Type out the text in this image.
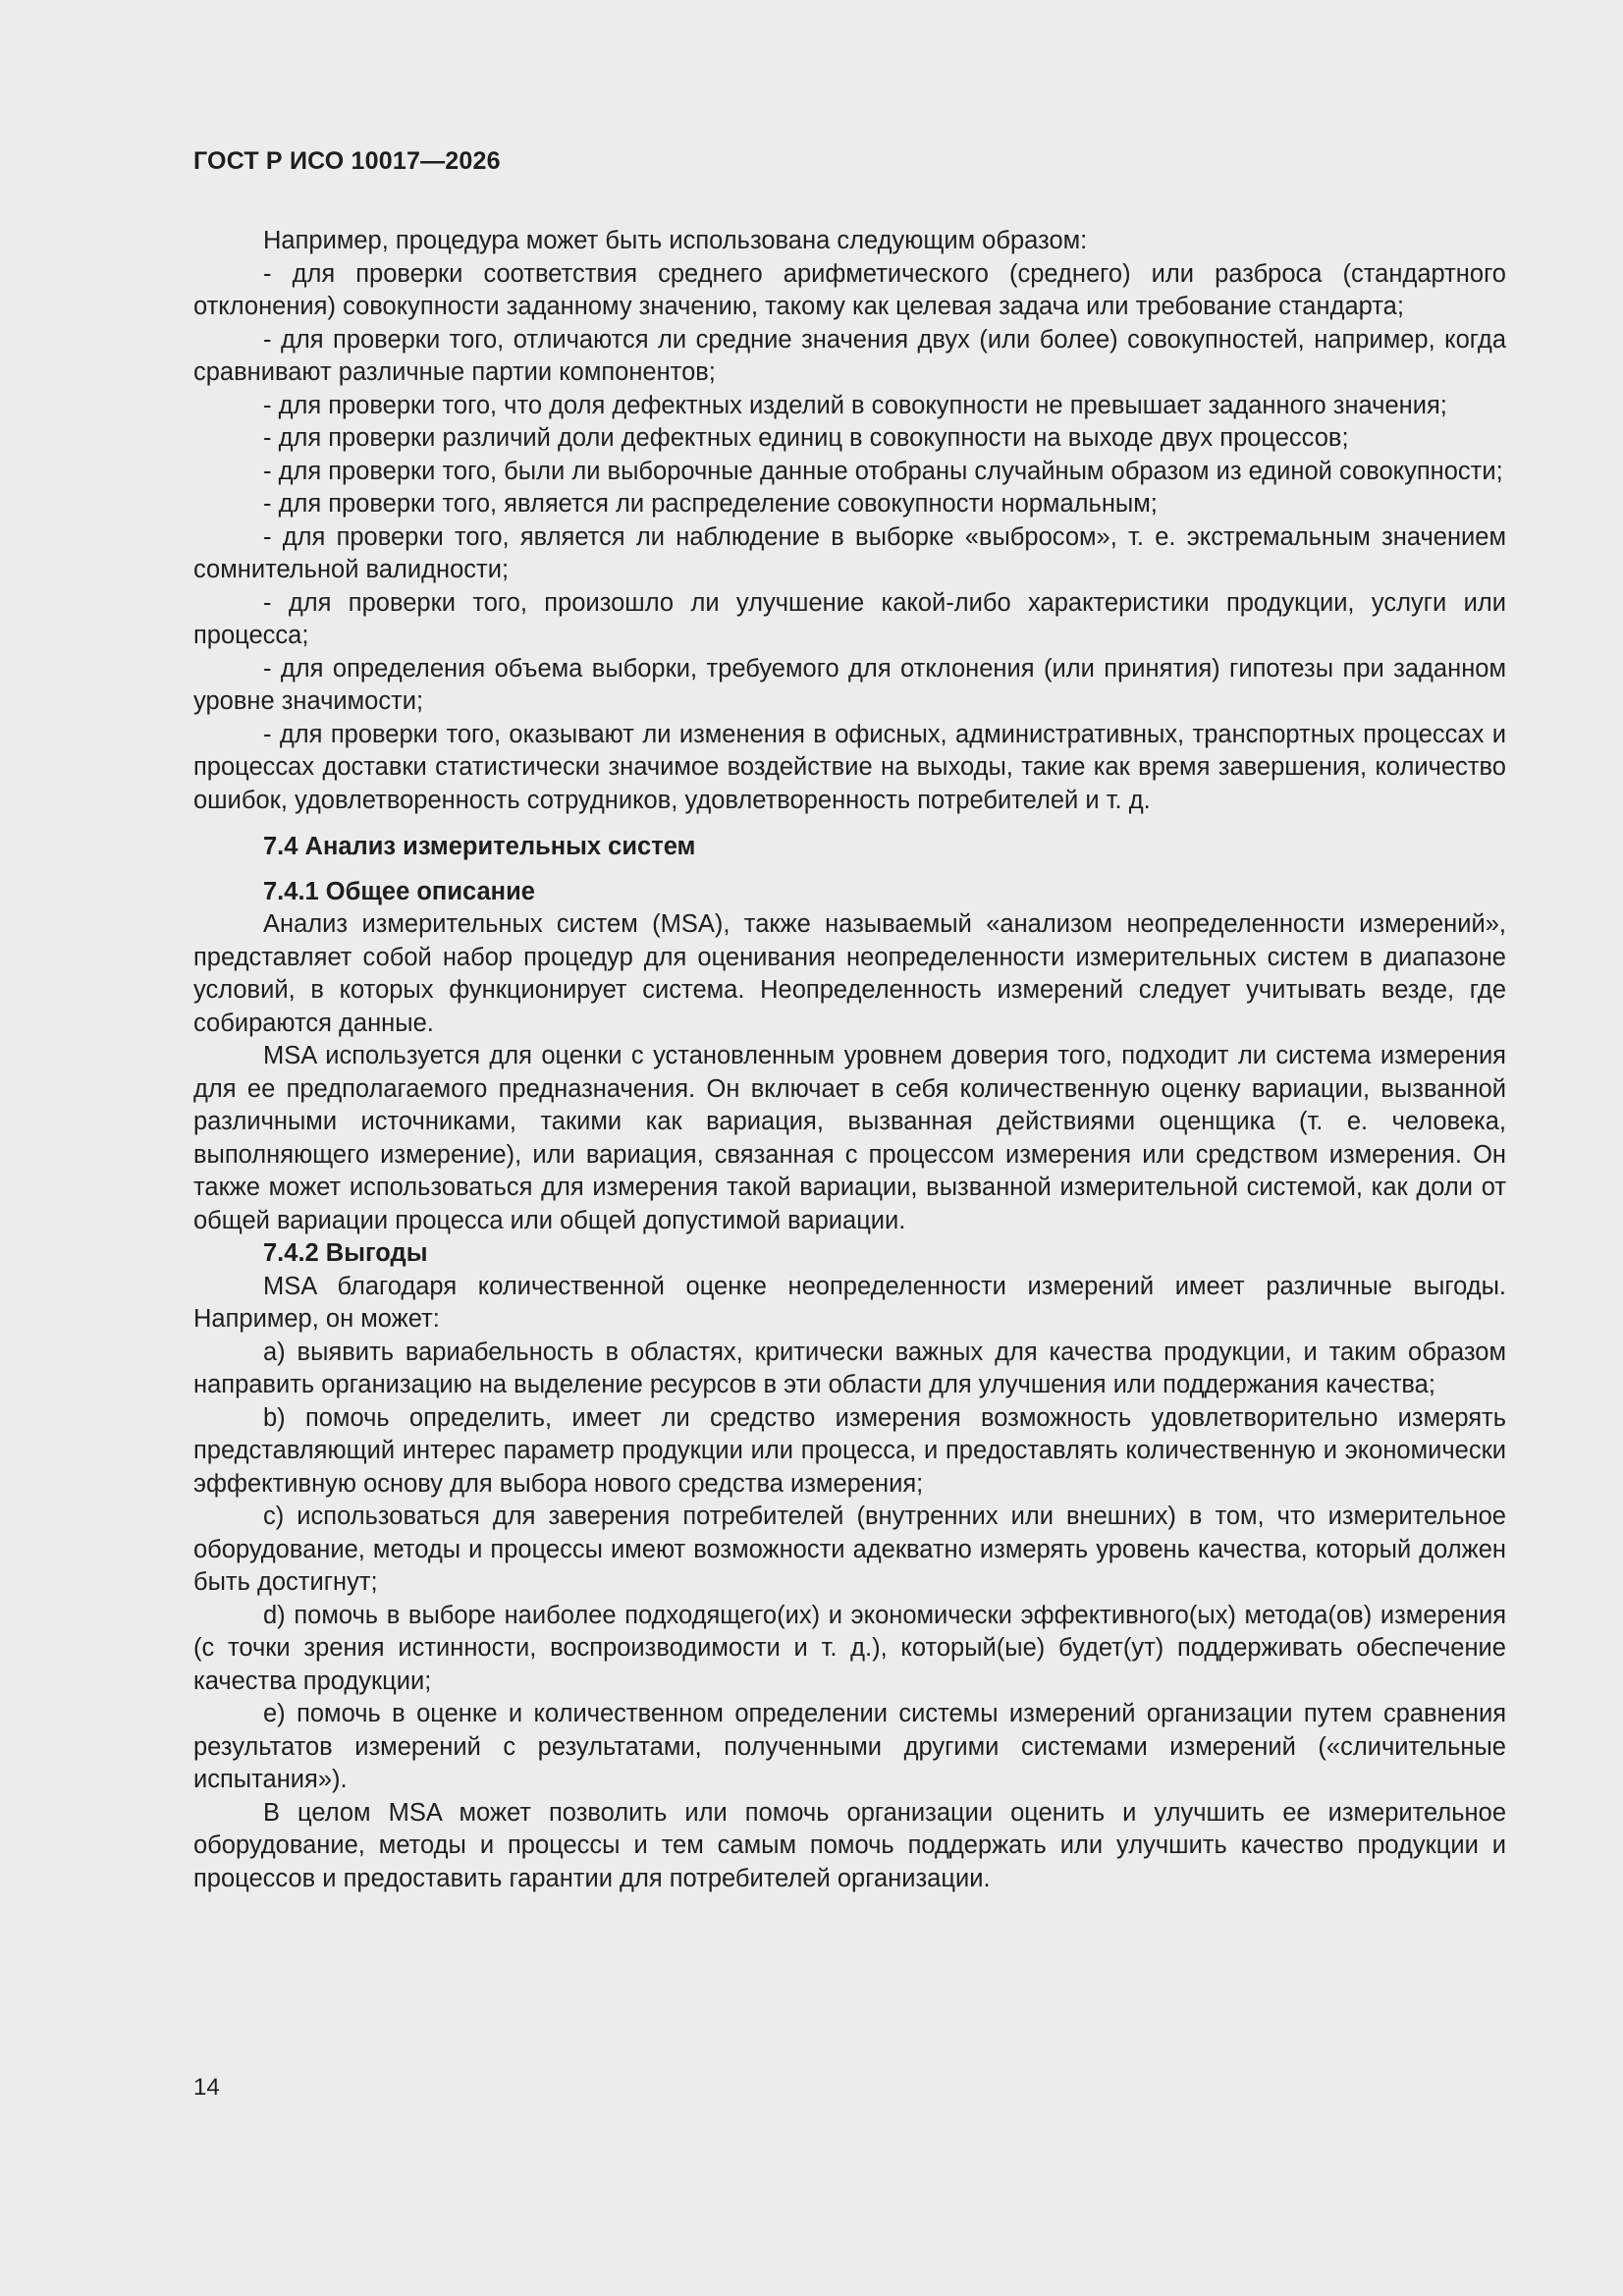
ГОСТ Р ИСО 10017—2026

Например, процедура может быть использована следующим образом:

- для проверки соответствия среднего арифметического (среднего) или разброса (стандартного отклонения) совокупности заданному значению, такому как целевая задача или требование стандарта;

- для проверки того, отличаются ли средние значения двух (или более) совокупностей, например, когда сравнивают различные партии компонентов;

- для проверки того, что доля дефектных изделий в совокупности не превышает заданного значения;

- для проверки различий доли дефектных единиц в совокупности на выходе двух процессов;

- для проверки того, были ли выборочные данные отобраны случайным образом из единой совокупности;

- для проверки того, является ли распределение совокупности нормальным;

- для проверки того, является ли наблюдение в выборке «выбросом», т. е. экстремальным значением сомнительной валидности;

- для проверки того, произошло ли улучшение какой-либо характеристики продукции, услуги или процесса;

- для определения объема выборки, требуемого для отклонения (или принятия) гипотезы при заданном уровне значимости;

- для проверки того, оказывают ли изменения в офисных, административных, транспортных процессах и процессах доставки статистически значимое воздействие на выходы, такие как время завершения, количество ошибок, удовлетворенность сотрудников, удовлетворенность потребителей и т. д.

7.4 Анализ измерительных систем

7.4.1 Общее описание

Анализ измерительных систем (MSA), также называемый «анализом неопределенности измерений», представляет собой набор процедур для оценивания неопределенности измерительных систем в диапазоне условий, в которых функционирует система. Неопределенность измерений следует учитывать везде, где собираются данные.

MSA используется для оценки с установленным уровнем доверия того, подходит ли система измерения для ее предполагаемого предназначения. Он включает в себя количественную оценку вариации, вызванной различными источниками, такими как вариация, вызванная действиями оценщика (т. е. человека, выполняющего измерение), или вариация, связанная с процессом измерения или средством измерения. Он также может использоваться для измерения такой вариации, вызванной измерительной системой, как доли от общей вариации процесса или общей допустимой вариации.

7.4.2 Выгоды

MSA благодаря количественной оценке неопределенности измерений имеет различные выгоды. Например, он может:

a) выявить вариабельность в областях, критически важных для качества продукции, и таким образом направить организацию на выделение ресурсов в эти области для улучшения или поддержания качества;

b) помочь определить, имеет ли средство измерения возможность удовлетворительно измерять представляющий интерес параметр продукции или процесса, и предоставлять количественную и экономически эффективную основу для выбора нового средства измерения;

c) использоваться для заверения потребителей (внутренних или внешних) в том, что измерительное оборудование, методы и процессы имеют возможности адекватно измерять уровень качества, который должен быть достигнут;

d) помочь в выборе наиболее подходящего(их) и экономически эффективного(ых) метода(ов) измерения (с точки зрения истинности, воспроизводимости и т. д.), который(ые) будет(ут) поддерживать обеспечение качества продукции;

e) помочь в оценке и количественном определении системы измерений организации путем сравнения результатов измерений с результатами, полученными другими системами измерений («сличительные испытания»).

В целом MSA может позволить или помочь организации оценить и улучшить ее измерительное оборудование, методы и процессы и тем самым помочь поддержать или улучшить качество продукции и процессов и предоставить гарантии для потребителей организации.

14
